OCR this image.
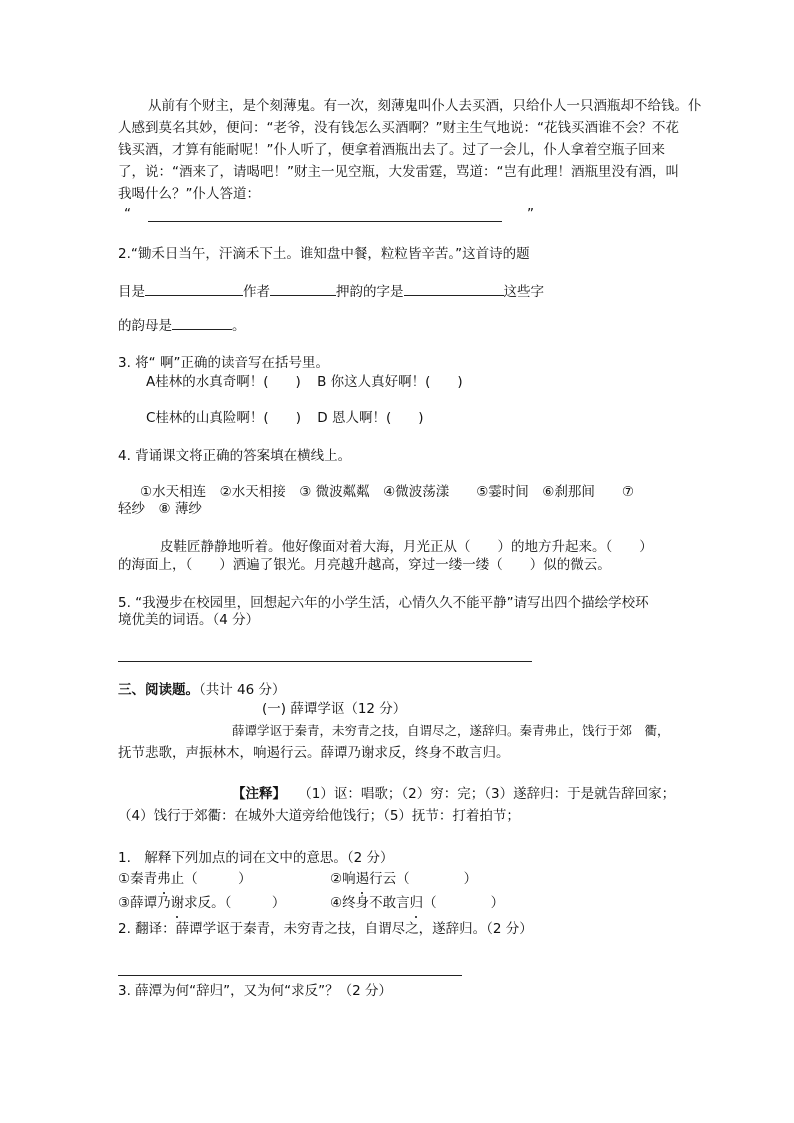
从前有个财主，是个刻薄鬼。有一次，刻薄鬼叫仆人去买酒，只给仆人一只酒瓶却不给钱。仆
人感到莫名其妙，便问：“老爷，没有钱怎么买酒啊？”财主生气地说：“花钱买酒谁不会？不花
钱买酒，才算有能耐呢！”仆人听了，便拿着酒瓶出去了。过了一会儿，仆人拿着空瓶子回来
了，说：“酒来了，请喝吧！”财主一见空瓶，大发雷霆，骂道：“岂有此理！酒瓶里没有酒，叫
我喝什么？”仆人答道：
“	”
2.“锄禾日当午，汗滴禾下土。谁知盘中餐，粒粒皆辛苦。”这首诗的题
目是	作者	押韵的字是	这些字
的韵母是	。
3. 将“ 啊”正确的读音写在括号里。
A桂林的水真奇啊！(　　) B 你这人真好啊！(　　)
C桂林的山真险啊！(　　) D 恩人啊！(　　)
4. 背诵课文将正确的答案填在横线上。
①水天相连　②水天相接　③ 微波粼粼　④微波荡漾　　⑤霎时间　⑥刹那间　　⑦
轻纱　⑧ 薄纱
皮鞋匠静静地听着。他好像面对着大海，月光正从（　　）的地方升起来。（　　）
的海面上，（　　）洒遍了银光。月亮越升越高，穿过一缕一缕（　　）似的微云。
5. “我漫步在校园里，回想起六年的小学生活，心情久久不能平静”请写出四个描绘学校环
境优美的词语。（4 分）
三、阅读题。（共计 46 分）
(一) 薛谭学讴（12 分）
薛谭学讴于秦青，未穷青之技，自谓尽之，遂辞归。秦青弗止，饯行于郊　衢，
抚节悲歌，声振林木，响遏行云。薛谭乃谢求反，终身不敢言归。
【注释】 （1）讴：唱歌；（2）穷：完；（3）遂辞归：于是就告辞回家；
（4）饯行于郊衢：在城外大道旁给他饯行；（5）抚节：打着拍节；
1.　解释下列加点的词在文中的意思。（2 分）
①秦青弗止（　　　）	②响遏行云（　　　　）
③薛谭乃谢求反。（　　　）	④终身不敢言归（　　　　）
2. 翻译：薛谭学讴于秦青，未穷青之技，自谓尽之，遂辞归。（2 分）
3. 薛潭为何“辞归”，又为何“求反”？（2 分）
